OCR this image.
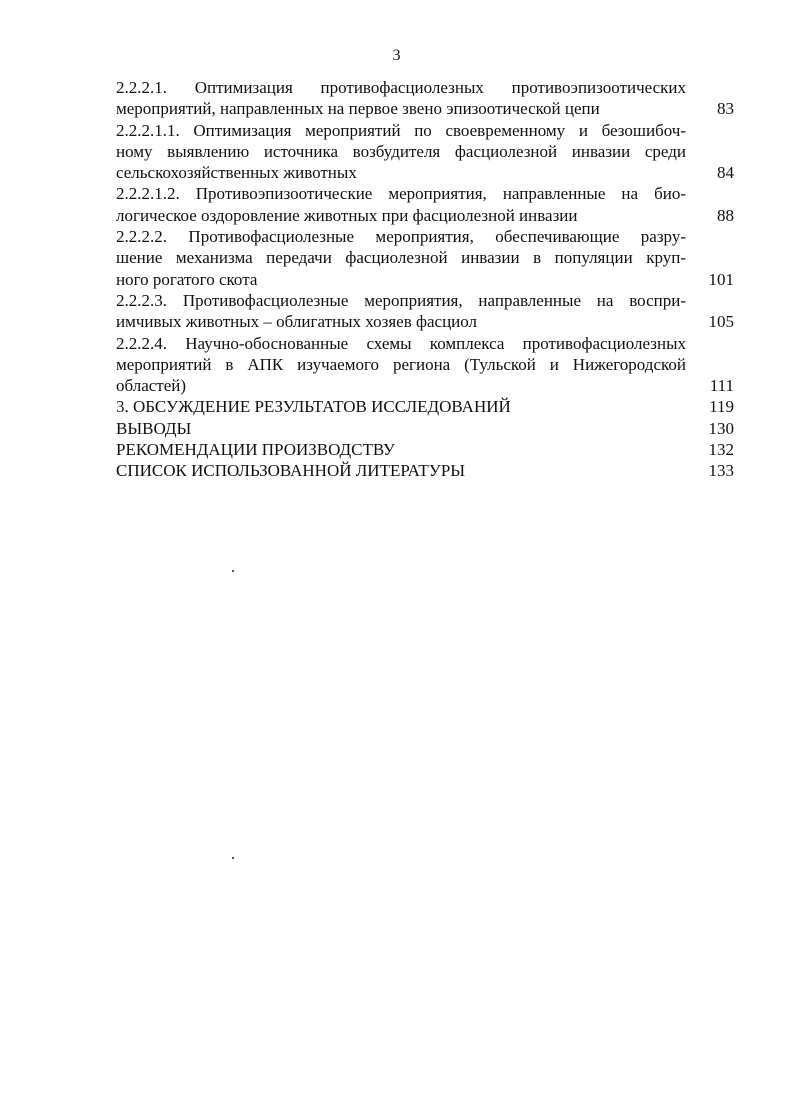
3
2.2.2.1. Оптимизация противофасциолезных противоэпизоотических
мероприятий, направленных на первое звено эпизоотической цепи	83
2.2.2.1.1. Оптимизация мероприятий по своевременному и безошибоч-
ному выявлению источника возбудителя фасциолезной инвазии среди
сельскохозяйственных животных	84
2.2.2.1.2. Противоэпизоотические мероприятия, направленные на био-
логическое оздоровление животных при фасциолезной инвазии	88
2.2.2.2. Противофасциолезные мероприятия, обеспечивающие разру-
шение механизма передачи фасциолезной инвазии в популяции круп-
ного рогатого скота	101
2.2.2.3. Противофасциолезные мероприятия, направленные на воспри-
имчивых животных – облигатных хозяев фасциол	105
2.2.2.4. Научно-обоснованные схемы комплекса противофасциолезных
мероприятий в АПК изучаемого региона (Тульской и Нижегородской
областей)	111
3. ОБСУЖДЕНИЕ РЕЗУЛЬТАТОВ ИССЛЕДОВАНИЙ	119
ВЫВОДЫ	130
РЕКОМЕНДАЦИИ ПРОИЗВОДСТВУ	132
СПИСОК ИСПОЛЬЗОВАННОЙ ЛИТЕРАТУРЫ	133
